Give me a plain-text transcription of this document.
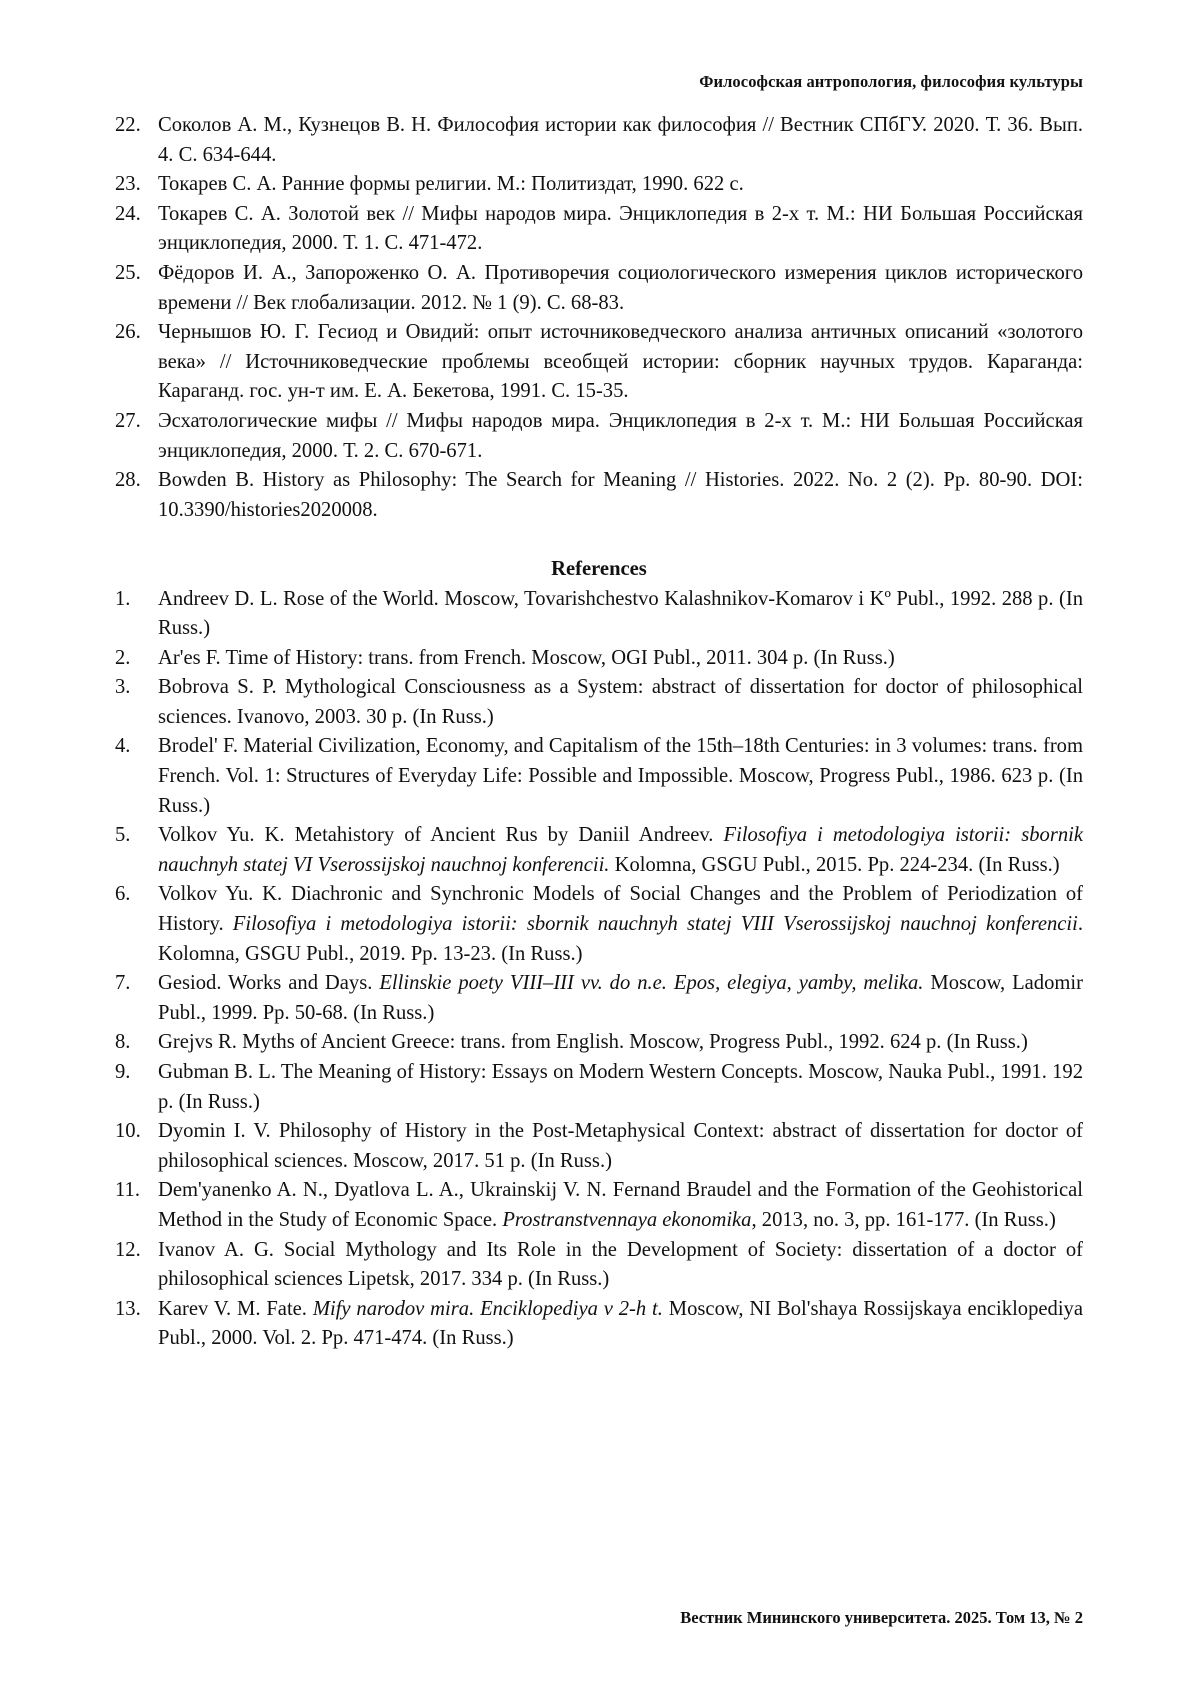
Философская антропология, философия культуры
22. Соколов А. М., Кузнецов В. Н. Философия истории как философия // Вестник СПбГУ. 2020. Т. 36. Вып. 4. С. 634-644.
23. Токарев С. А. Ранние формы религии. М.: Политиздат, 1990. 622 с.
24. Токарев С. А. Золотой век // Мифы народов мира. Энциклопедия в 2-х т. М.: НИ Большая Российская энциклопедия, 2000. Т. 1. С. 471-472.
25. Фёдоров И. А., Запороженко О. А. Противоречия социологического измерения циклов исторического времени // Век глобализации. 2012. № 1 (9). С. 68-83.
26. Чернышов Ю. Г. Гесиод и Овидий: опыт источниковедческого анализа античных описаний «золотого века» // Источниковедческие проблемы всеобщей истории: сборник научных трудов. Караганда: Караганд. гос. ун-т им. Е. А. Бекетова, 1991. С. 15-35.
27. Эсхатологические мифы // Мифы народов мира. Энциклопедия в 2-х т. М.: НИ Большая Российская энциклопедия, 2000. Т. 2. С. 670-671.
28. Bowden B. History as Philosophy: The Search for Meaning // Histories. 2022. No. 2 (2). Pp. 80-90. DOI: 10.3390/histories2020008.
References
1. Andreev D. L. Rose of the World. Moscow, Tovarishchestvo Kalashnikov-Komarov i Kº Publ., 1992. 288 p. (In Russ.)
2. Ar'es F. Time of History: trans. from French. Moscow, OGI Publ., 2011. 304 p. (In Russ.)
3. Bobrova S. P. Mythological Consciousness as a System: abstract of dissertation for doctor of philosophical sciences. Ivanovo, 2003. 30 p. (In Russ.)
4. Brodel' F. Material Civilization, Economy, and Capitalism of the 15th–18th Centuries: in 3 volumes: trans. from French. Vol. 1: Structures of Everyday Life: Possible and Impossible. Moscow, Progress Publ., 1986. 623 p. (In Russ.)
5. Volkov Yu. K. Metahistory of Ancient Rus by Daniil Andreev. Filosofiya i metodologiya istorii: sbornik nauchnyh statej VI Vserossijskoj nauchnoj konferencii. Kolomna, GSGU Publ., 2015. Pp. 224-234. (In Russ.)
6. Volkov Yu. K. Diachronic and Synchronic Models of Social Changes and the Problem of Periodization of History. Filosofiya i metodologiya istorii: sbornik nauchnyh statej VIII Vserossijskoj nauchnoj konferencii. Kolomna, GSGU Publ., 2019. Pp. 13-23. (In Russ.)
7. Gesiod. Works and Days. Ellinskie poety VIII–III vv. do n.e. Epos, elegiya, yamby, melika. Moscow, Ladomir Publ., 1999. Pp. 50-68. (In Russ.)
8. Grejvs R. Myths of Ancient Greece: trans. from English. Moscow, Progress Publ., 1992. 624 p. (In Russ.)
9. Gubman B. L. The Meaning of History: Essays on Modern Western Concepts. Moscow, Nauka Publ., 1991. 192 p. (In Russ.)
10. Dyomin I. V. Philosophy of History in the Post-Metaphysical Context: abstract of dissertation for doctor of philosophical sciences. Moscow, 2017. 51 p. (In Russ.)
11. Dem'yanenko A. N., Dyatlova L. A., Ukrainskij V. N. Fernand Braudel and the Formation of the Geohistorical Method in the Study of Economic Space. Prostranstvennaya ekonomika, 2013, no. 3, pp. 161-177. (In Russ.)
12. Ivanov A. G. Social Mythology and Its Role in the Development of Society: dissertation of a doctor of philosophical sciences Lipetsk, 2017. 334 p. (In Russ.)
13. Karev V. M. Fate. Mify narodov mira. Enciklopediya v 2-h t. Moscow, NI Bol'shaya Rossijskaya enciklopediya Publ., 2000. Vol. 2. Pp. 471-474. (In Russ.)
Вестник Мининского университета. 2025. Том 13, № 2
